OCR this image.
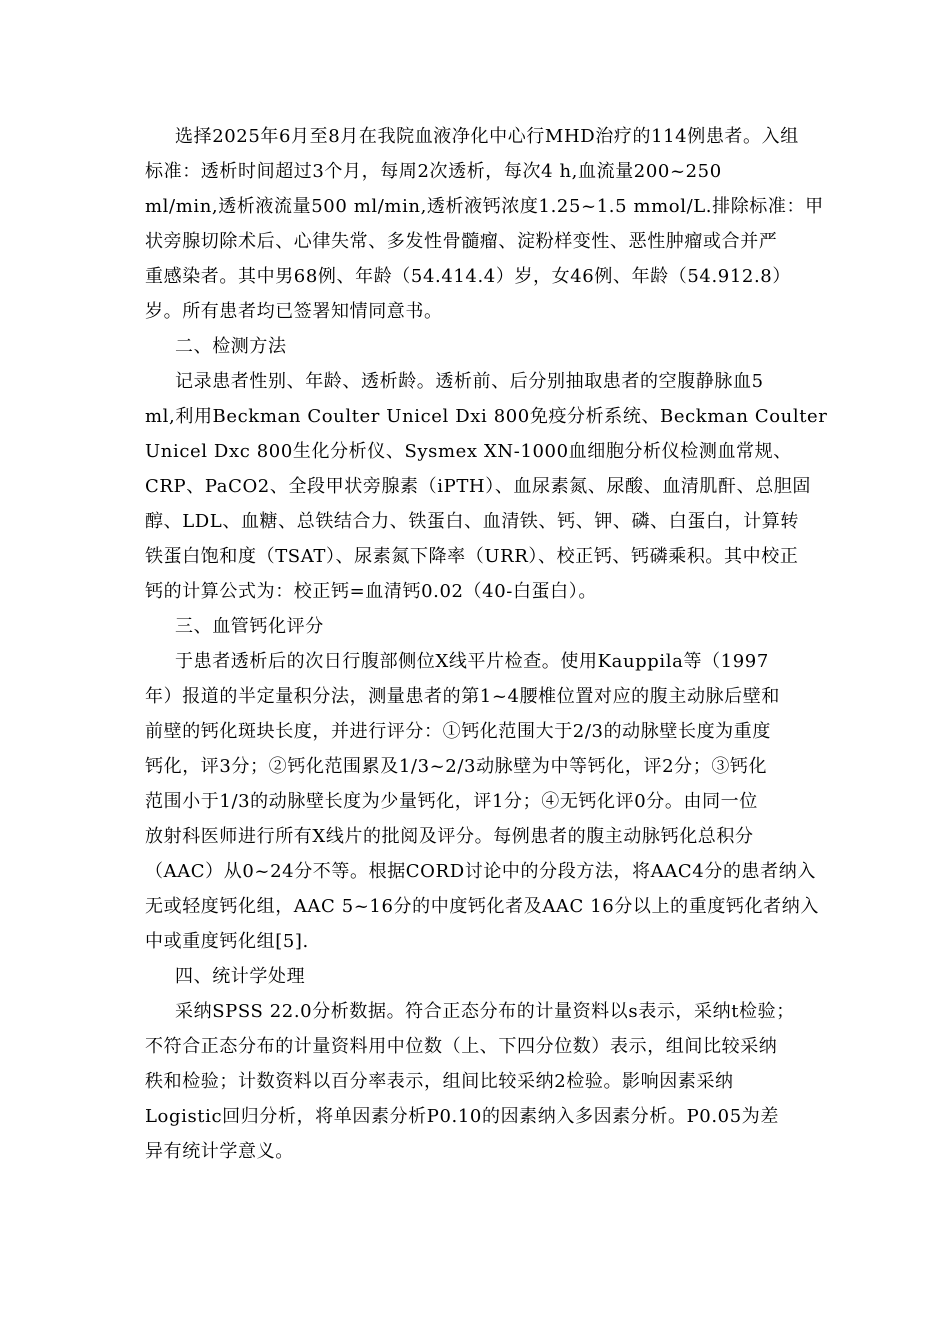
选择2025年6月至8月在我院血液净化中心行MHD治疗的114例患者。入组
标准：透析时间超过3个月，每周2次透析，每次4 h,血流量200~250
ml/min,透析液流量500 ml/min,透析液钙浓度1.25~1.5 mmol/L.排除标准：甲
状旁腺切除术后、心律失常、多发性骨髓瘤、淀粉样变性、恶性肿瘤或合并严
重感染者。其中男68例、年龄（54.414.4）岁，女46例、年龄（54.912.8）
岁。所有患者均已签署知情同意书。

二、检测方法

记录患者性别、年龄、透析龄。透析前、后分别抽取患者的空腹静脉血5
ml,利用Beckman Coulter Unicel Dxi 800免疫分析系统、Beckman Coulter
Unicel Dxc 800生化分析仪、Sysmex XN-1000血细胞分析仪检测血常规、
CRP、PaCO2、全段甲状旁腺素（iPTH）、血尿素氮、尿酸、血清肌酐、总胆固
醇、LDL、血糖、总铁结合力、铁蛋白、血清铁、钙、钾、磷、白蛋白，计算转
铁蛋白饱和度（TSAT）、尿素氮下降率（URR）、校正钙、钙磷乘积。其中校正
钙的计算公式为：校正钙=血清钙0.02（40-白蛋白）。

三、血管钙化评分

于患者透析后的次日行腹部侧位X线平片检查。使用Kauppila等（1997
年）报道的半定量积分法，测量患者的第1~4腰椎位置对应的腹主动脉后壁和
前壁的钙化斑块长度，并进行评分：①钙化范围大于2/3的动脉壁长度为重度
钙化，评3分；②钙化范围累及1/3~2/3动脉壁为中等钙化，评2分；③钙化
范围小于1/3的动脉壁长度为少量钙化，评1分；④无钙化评0分。由同一位
放射科医师进行所有X线片的批阅及评分。每例患者的腹主动脉钙化总积分
（AAC）从0~24分不等。根据CORD讨论中的分段方法，将AAC4分的患者纳入
无或轻度钙化组，AAC 5~16分的中度钙化者及AAC 16分以上的重度钙化者纳入
中或重度钙化组[5].

四、统计学处理

采纳SPSS 22.0分析数据。符合正态分布的计量资料以s表示，采纳t检验；
不符合正态分布的计量资料用中位数（上、下四分位数）表示，组间比较采纳
秩和检验；计数资料以百分率表示，组间比较采纳2检验。影响因素采纳
Logistic回归分析，将单因素分析P0.10的因素纳入多因素分析。P0.05为差
异有统计学意义。
